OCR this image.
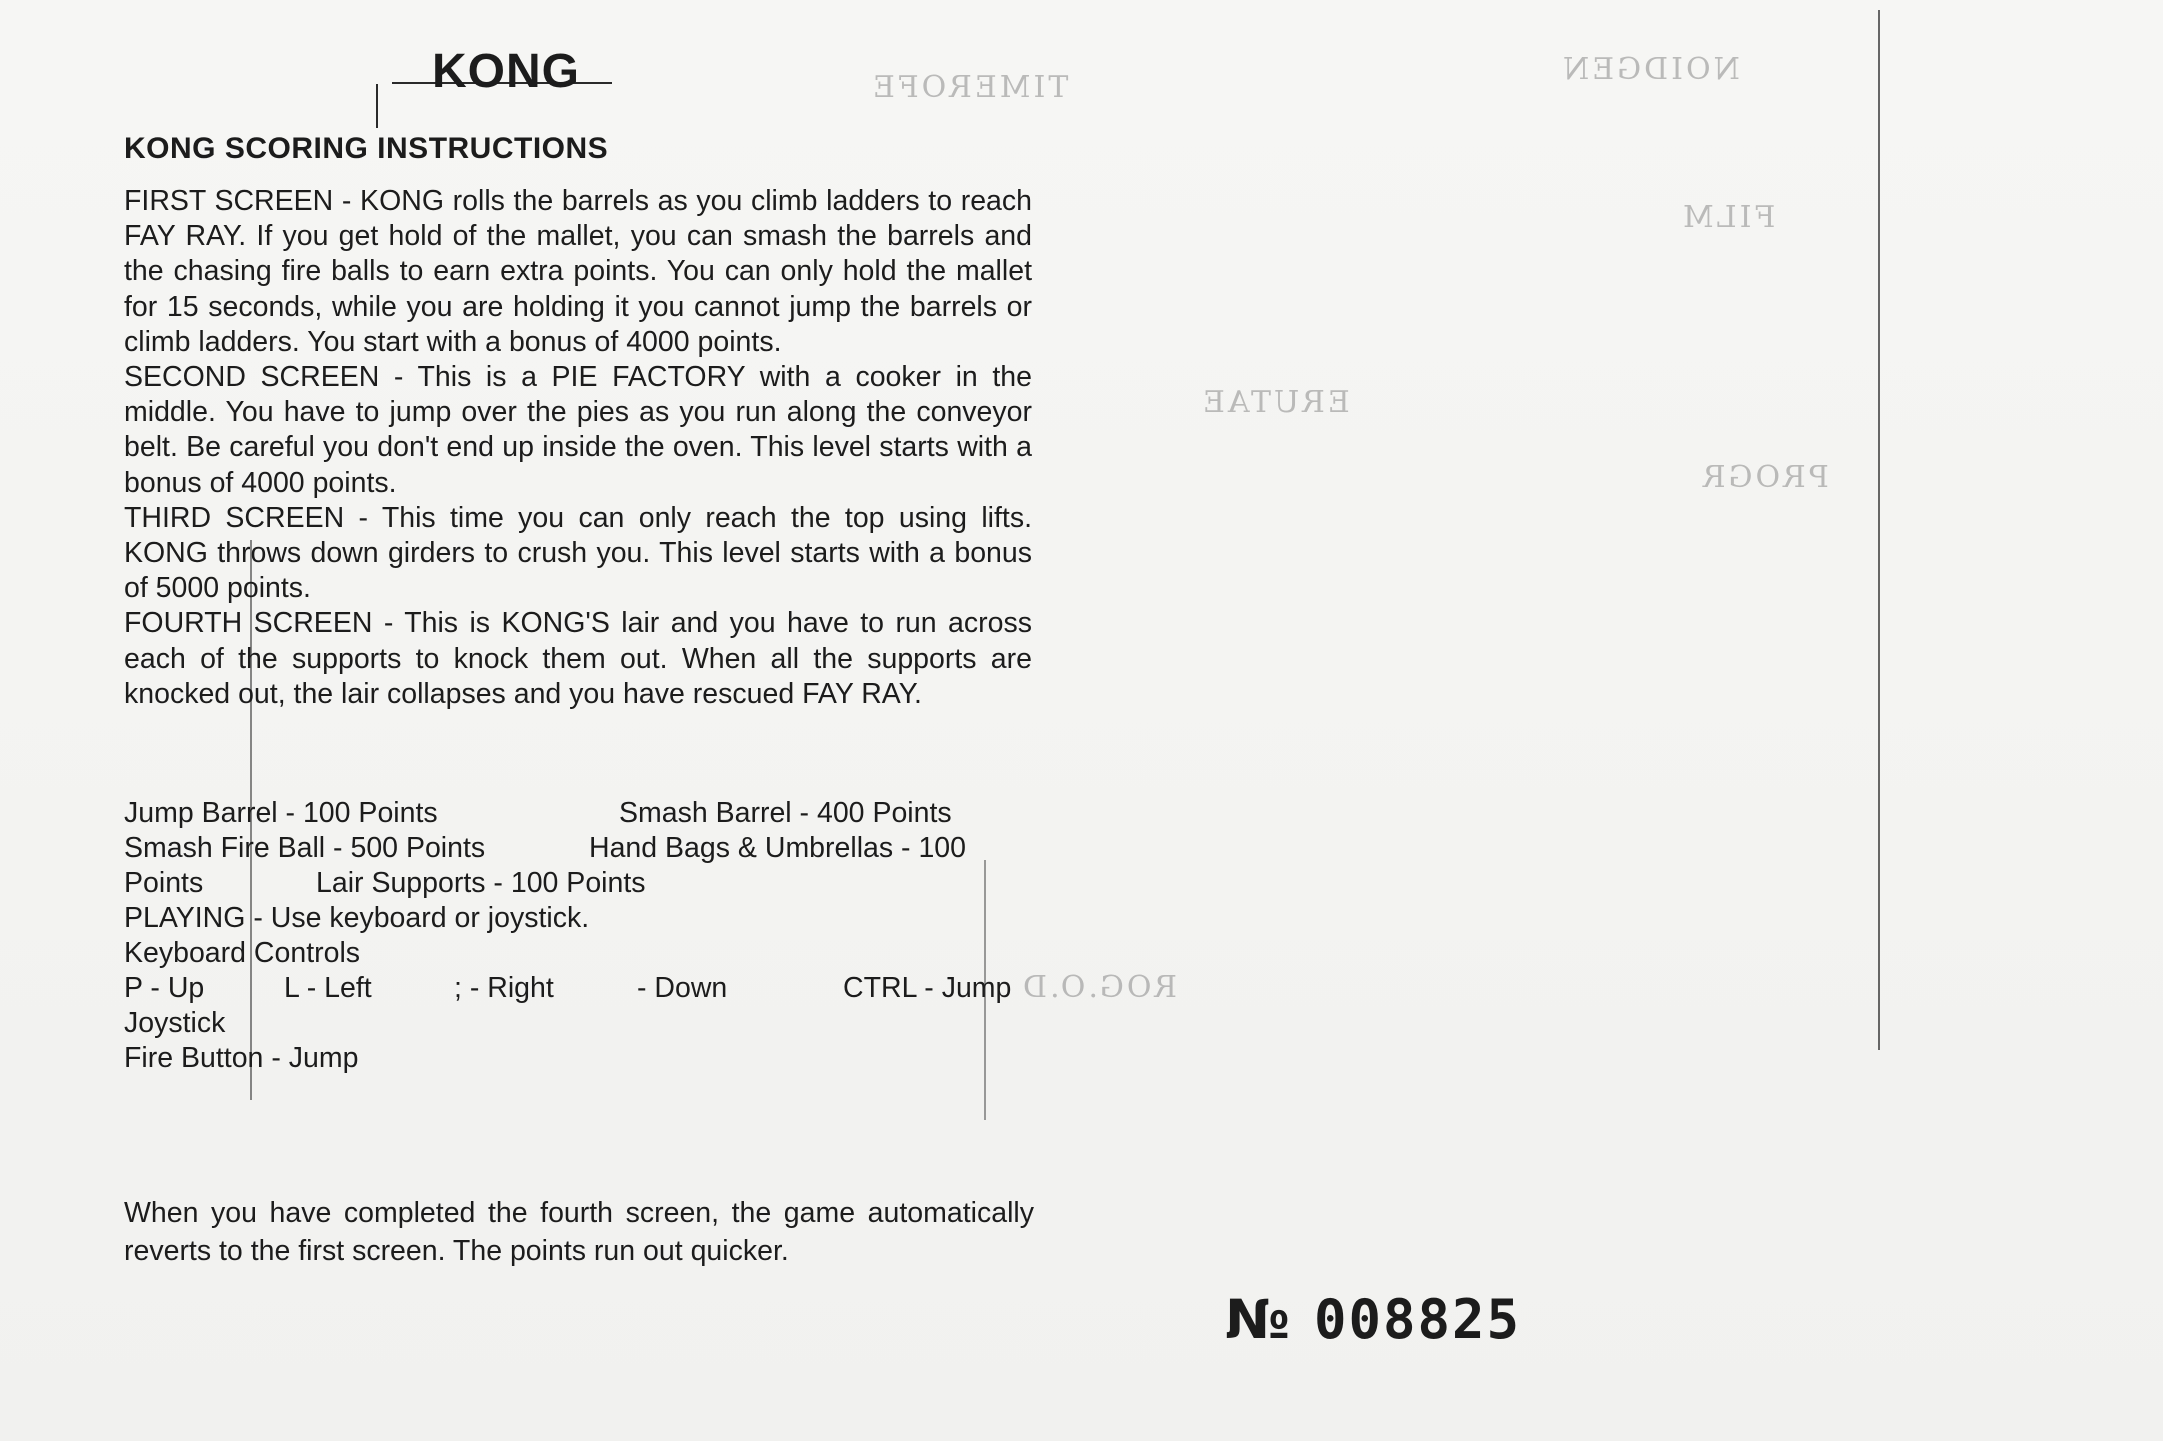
TIMEROFE
NOIDGEN
FILM
ERUTAE
PROGR
ROG.O.D
KONG
KONG SCORING INSTRUCTIONS

FIRST SCREEN - KONG rolls the barrels as you climb ladders to reach FAY RAY. If you get hold of the mallet, you can smash the barrels and the chasing fire balls to earn extra points. You can only hold the mallet for 15 seconds, while you are holding it you cannot jump the barrels or climb ladders. You start with a bonus of 4000 points.

SECOND SCREEN - This is a PIE FACTORY with a cooker in the middle. You have to jump over the pies as you run along the conveyor belt. Be careful you don't end up inside the oven. This level starts with a bonus of 4000 points.

THIRD SCREEN - This time you can only reach the top using lifts. KONG throws down girders to crush you. This level starts with a bonus of 5000 points.

FOURTH SCREEN - This is KONG'S lair and you have to run across each of the supports to knock them out. When all the supports are knocked out, the lair collapses and you have rescued FAY RAY.

Jump Barrel - 100 Points	Smash Barrel - 400 Points
Smash Fire Ball - 500 Points	Hand Bags & Umbrellas - 100
Points	Lair Supports - 100 Points
PLAYING - Use keyboard or joystick.
Keyboard Controls
P - Up	L - Left	; - Right	- Down	CTRL - Jump
Joystick
Fire Button - Jump

When you have completed the fourth screen, the game automatically reverts to the first screen. The points run out quicker.

№ 008825
